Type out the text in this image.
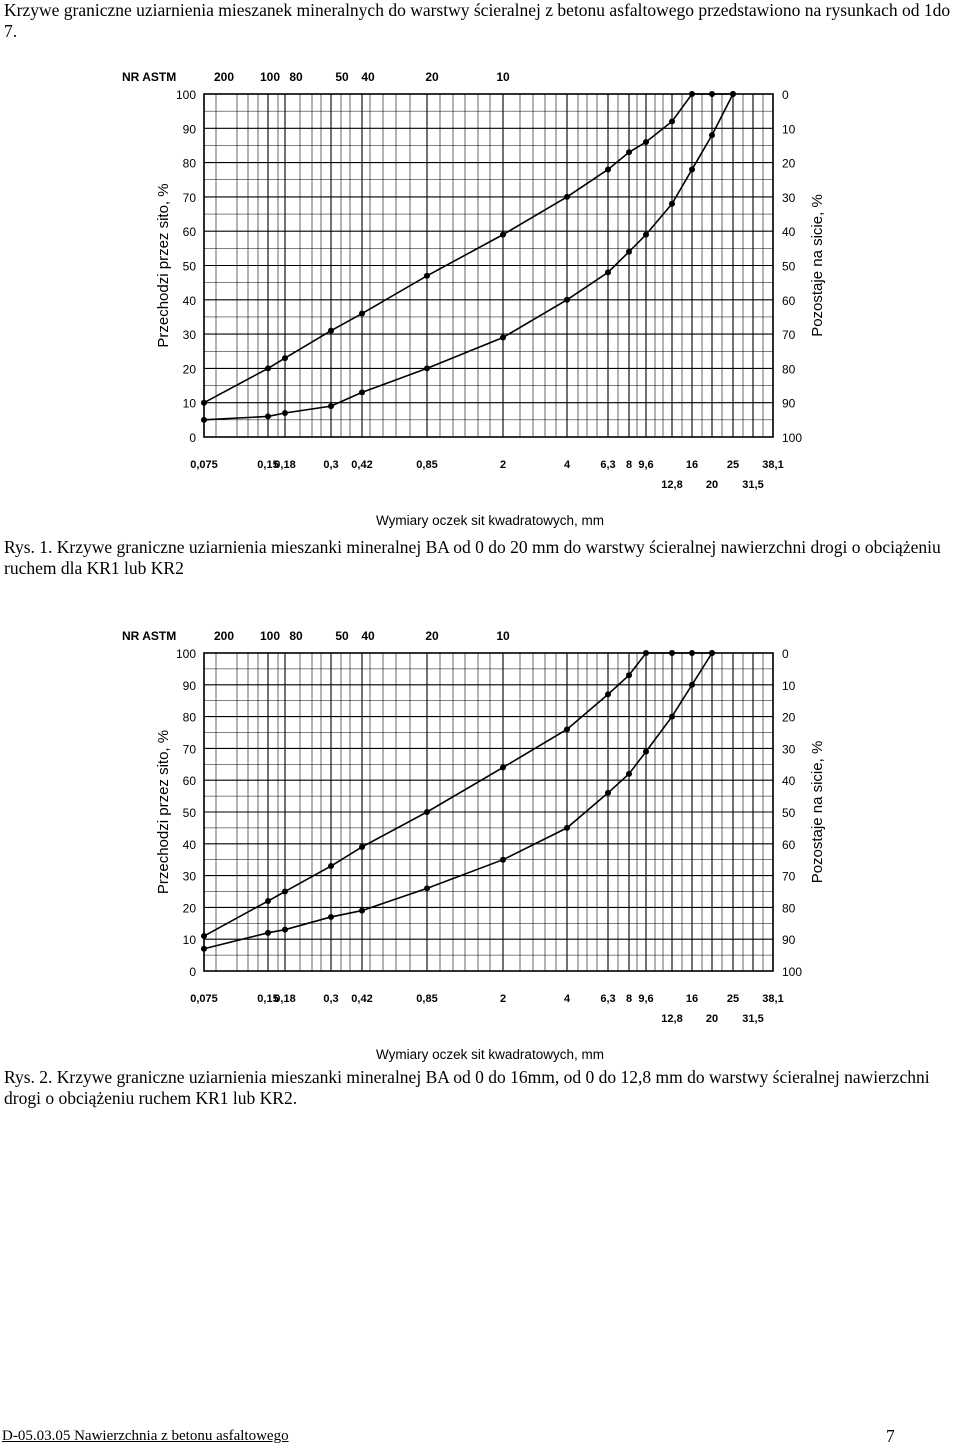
Krzywe graniczne uziarnienia mieszanek mineralnych do warstwy ścieralnej z betonu asfaltowego przedstawiono na rysunkach od 1do 7.

100
90
80
70
60
50
40
30
20
10
0
0
10
20
30
40
50
60
70
80
90
100
NR ASTM	200 100 80	50 40	20	10
0,075	0,15
0,18	0,3 0,42	0,85	2	4	6,3 8 9,6	16	25 38,1
12,8 20 31,5
Wymiary oczek sit kwadratowych, mm
Przechodzi przez sito, %	Pozostaje na sicie, %

Rys. 1. Krzywe graniczne uziarnienia mieszanki mineralnej BA od 0 do 20 mm do warstwy ścieralnej nawierzchni drogi o obciążeniu ruchem dla KR1 lub KR2

100
90
80
70
60
50
40
30
20
10
0
0
10
20
30
40
50
60
70
80
90
100
NR ASTM	200 100 80	50 40	20	10
0,075	0,15
0,18	0,3 0,42	0,85	2	4	6,3 8 9,6	16	25 38,1
12,8 20 31,5
Wymiary oczek sit kwadratowych, mm
Przechodzi przez sito, %	Pozostaje na sicie, %

Rys. 2. Krzywe graniczne uziarnienia mieszanki mineralnej BA od 0 do 16mm, od 0 do 12,8 mm do warstwy ścieralnej nawierzchni drogi o obciążeniu ruchem KR1 lub KR2.

D-05.03.05 Nawierzchnia z betonu asfaltowego	7
